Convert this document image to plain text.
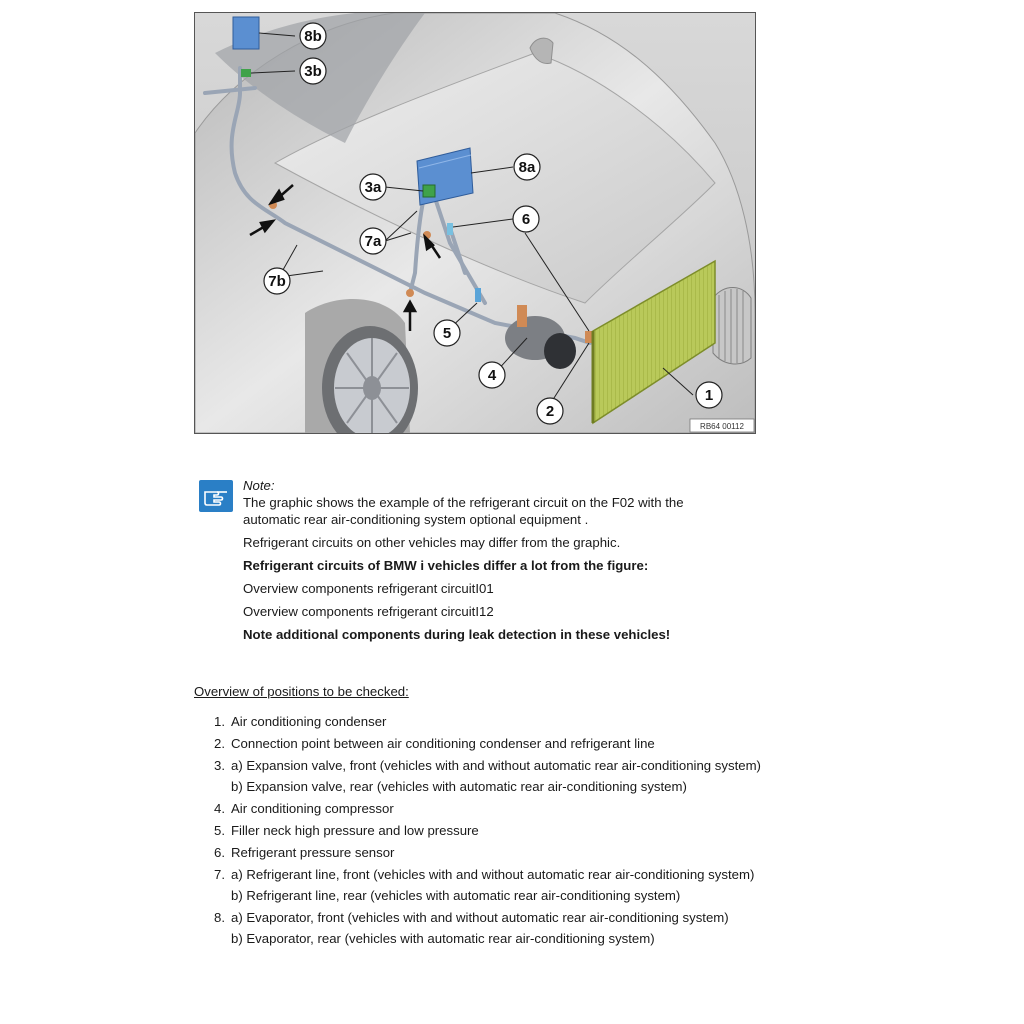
8b
3b
8a
3a
6
7a
7b
5
4
2
1
RB64 00112
Note:
The graphic shows the example of the refrigerant circuit on the F02 with the
automatic rear air-conditioning system optional equipment .
Refrigerant circuits on other vehicles may differ from the graphic.
Refrigerant circuits of BMW i vehicles differ a lot from the figure:
Overview components refrigerant circuitI01
Overview components refrigerant circuitI12
Note additional components during leak detection in these vehicles!
Overview of positions to be checked:
1. Air conditioning condenser
2. Connection point between air conditioning condenser and refrigerant line
3. a) Expansion valve, front (vehicles with and without automatic rear air-conditioning system)
b) Expansion valve, rear (vehicles with automatic rear air-conditioning system)
4. Air conditioning compressor
5. Filler neck high pressure and low pressure
6. Refrigerant pressure sensor
7. a) Refrigerant line, front (vehicles with and without automatic rear air-conditioning system)
b) Refrigerant line, rear (vehicles with automatic rear air-conditioning system)
8. a) Evaporator, front (vehicles with and without automatic rear air-conditioning system)
b) Evaporator, rear (vehicles with automatic rear air-conditioning system)
